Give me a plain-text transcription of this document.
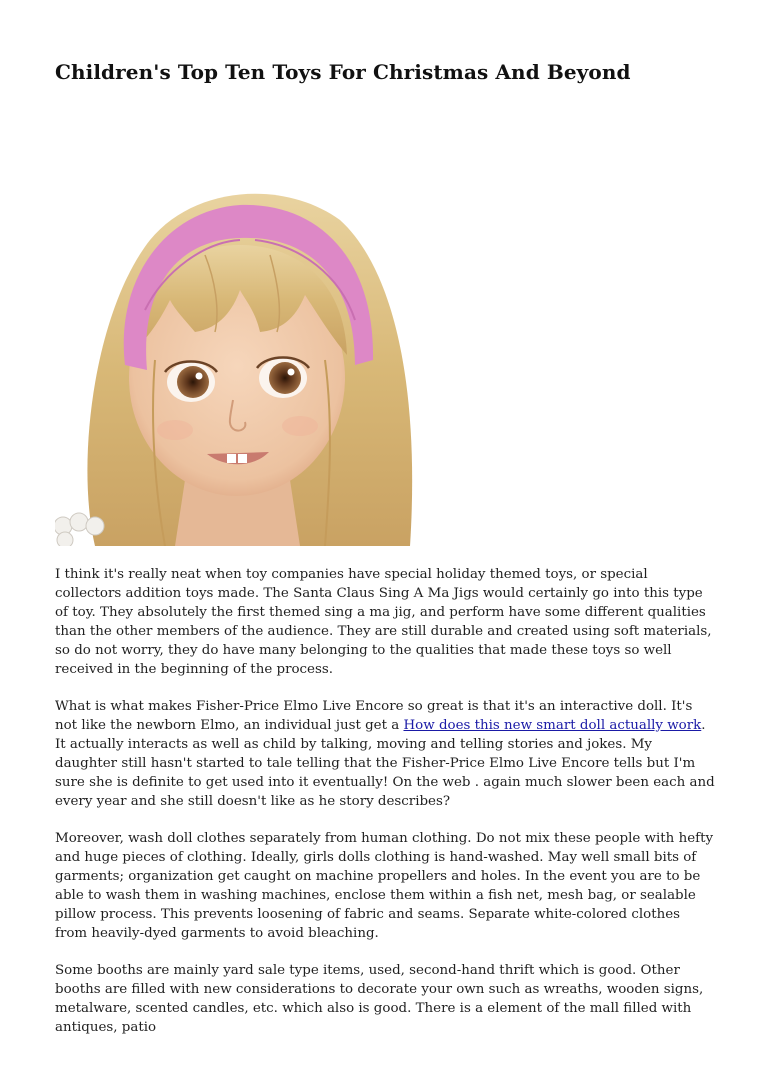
Children's Top Ten Toys For Christmas And Beyond

I think it's really neat when toy companies have special holiday themed toys, or special collectors addition toys made. The Santa Claus Sing A Ma Jigs would certainly go into this type of toy. They absolutely the first themed sing a ma jig, and perform have some different qualities than the other members of the audience. They are still durable and created using soft materials, so do not worry, they do have many belonging to the qualities that made these toys so well received in the beginning of the process.

What is what makes Fisher-Price Elmo Live Encore so great is that it's an interactive doll. It's not like the newborn Elmo, an individual just get a How does this new smart doll actually work. It actually interacts as well as child by talking, moving and telling stories and jokes. My daughter still hasn't started to tale telling that the Fisher-Price Elmo Live Encore tells but I'm sure she is definite to get used into it eventually! On the web . again much slower been each and every year and she still doesn't like as he story describes?

Moreover, wash doll clothes separately from human clothing. Do not mix these people with hefty and huge pieces of clothing. Ideally, girls dolls clothing is hand-washed. May well small bits of garments; organization get caught on machine propellers and holes. In the event you are to be able to wash them in washing machines, enclose them within a fish net, mesh bag, or sealable pillow process. This prevents loosening of fabric and seams. Separate white-colored clothes from heavily-dyed garments to avoid bleaching.

Some booths are mainly yard sale type items, used, second-hand thrift which is good. Other booths are filled with new considerations to decorate your own such as wreaths, wooden signs, metalware, scented candles, etc. which also is good. There is a element of the mall filled with antiques, patio
